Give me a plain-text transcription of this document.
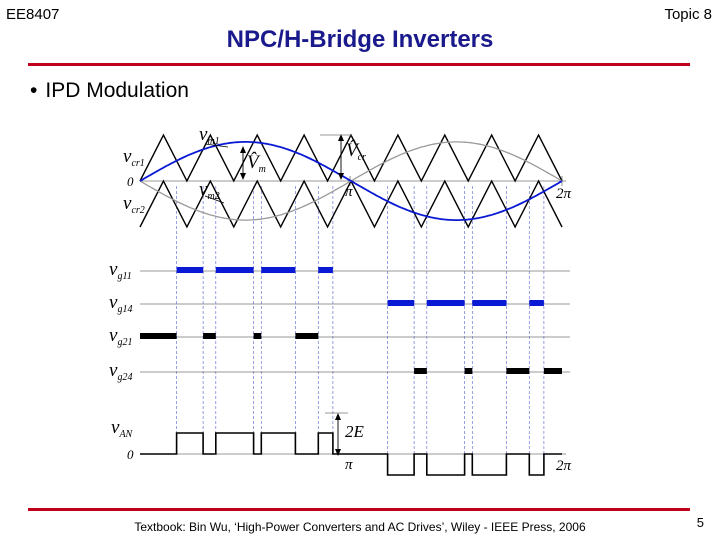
EE8407	Topic 8
NPC/H-Bridge Inverters
• IPD Modulation
$v_{cr1}$
$v_{cr2}$
$v_{m1}$
$v_{m2}$
$V̂_m$
$V̂_{cr}$
$v_{g11}$
$v_{g14}$
$v_{g21}$
$v_{g24}$
$v_{AN}$	2E
0
π	2π
0
π	2π
Textbook: Bin Wu, ‘High-Power Converters and AC Drives’, Wiley - IEEE Press, 2006	5
